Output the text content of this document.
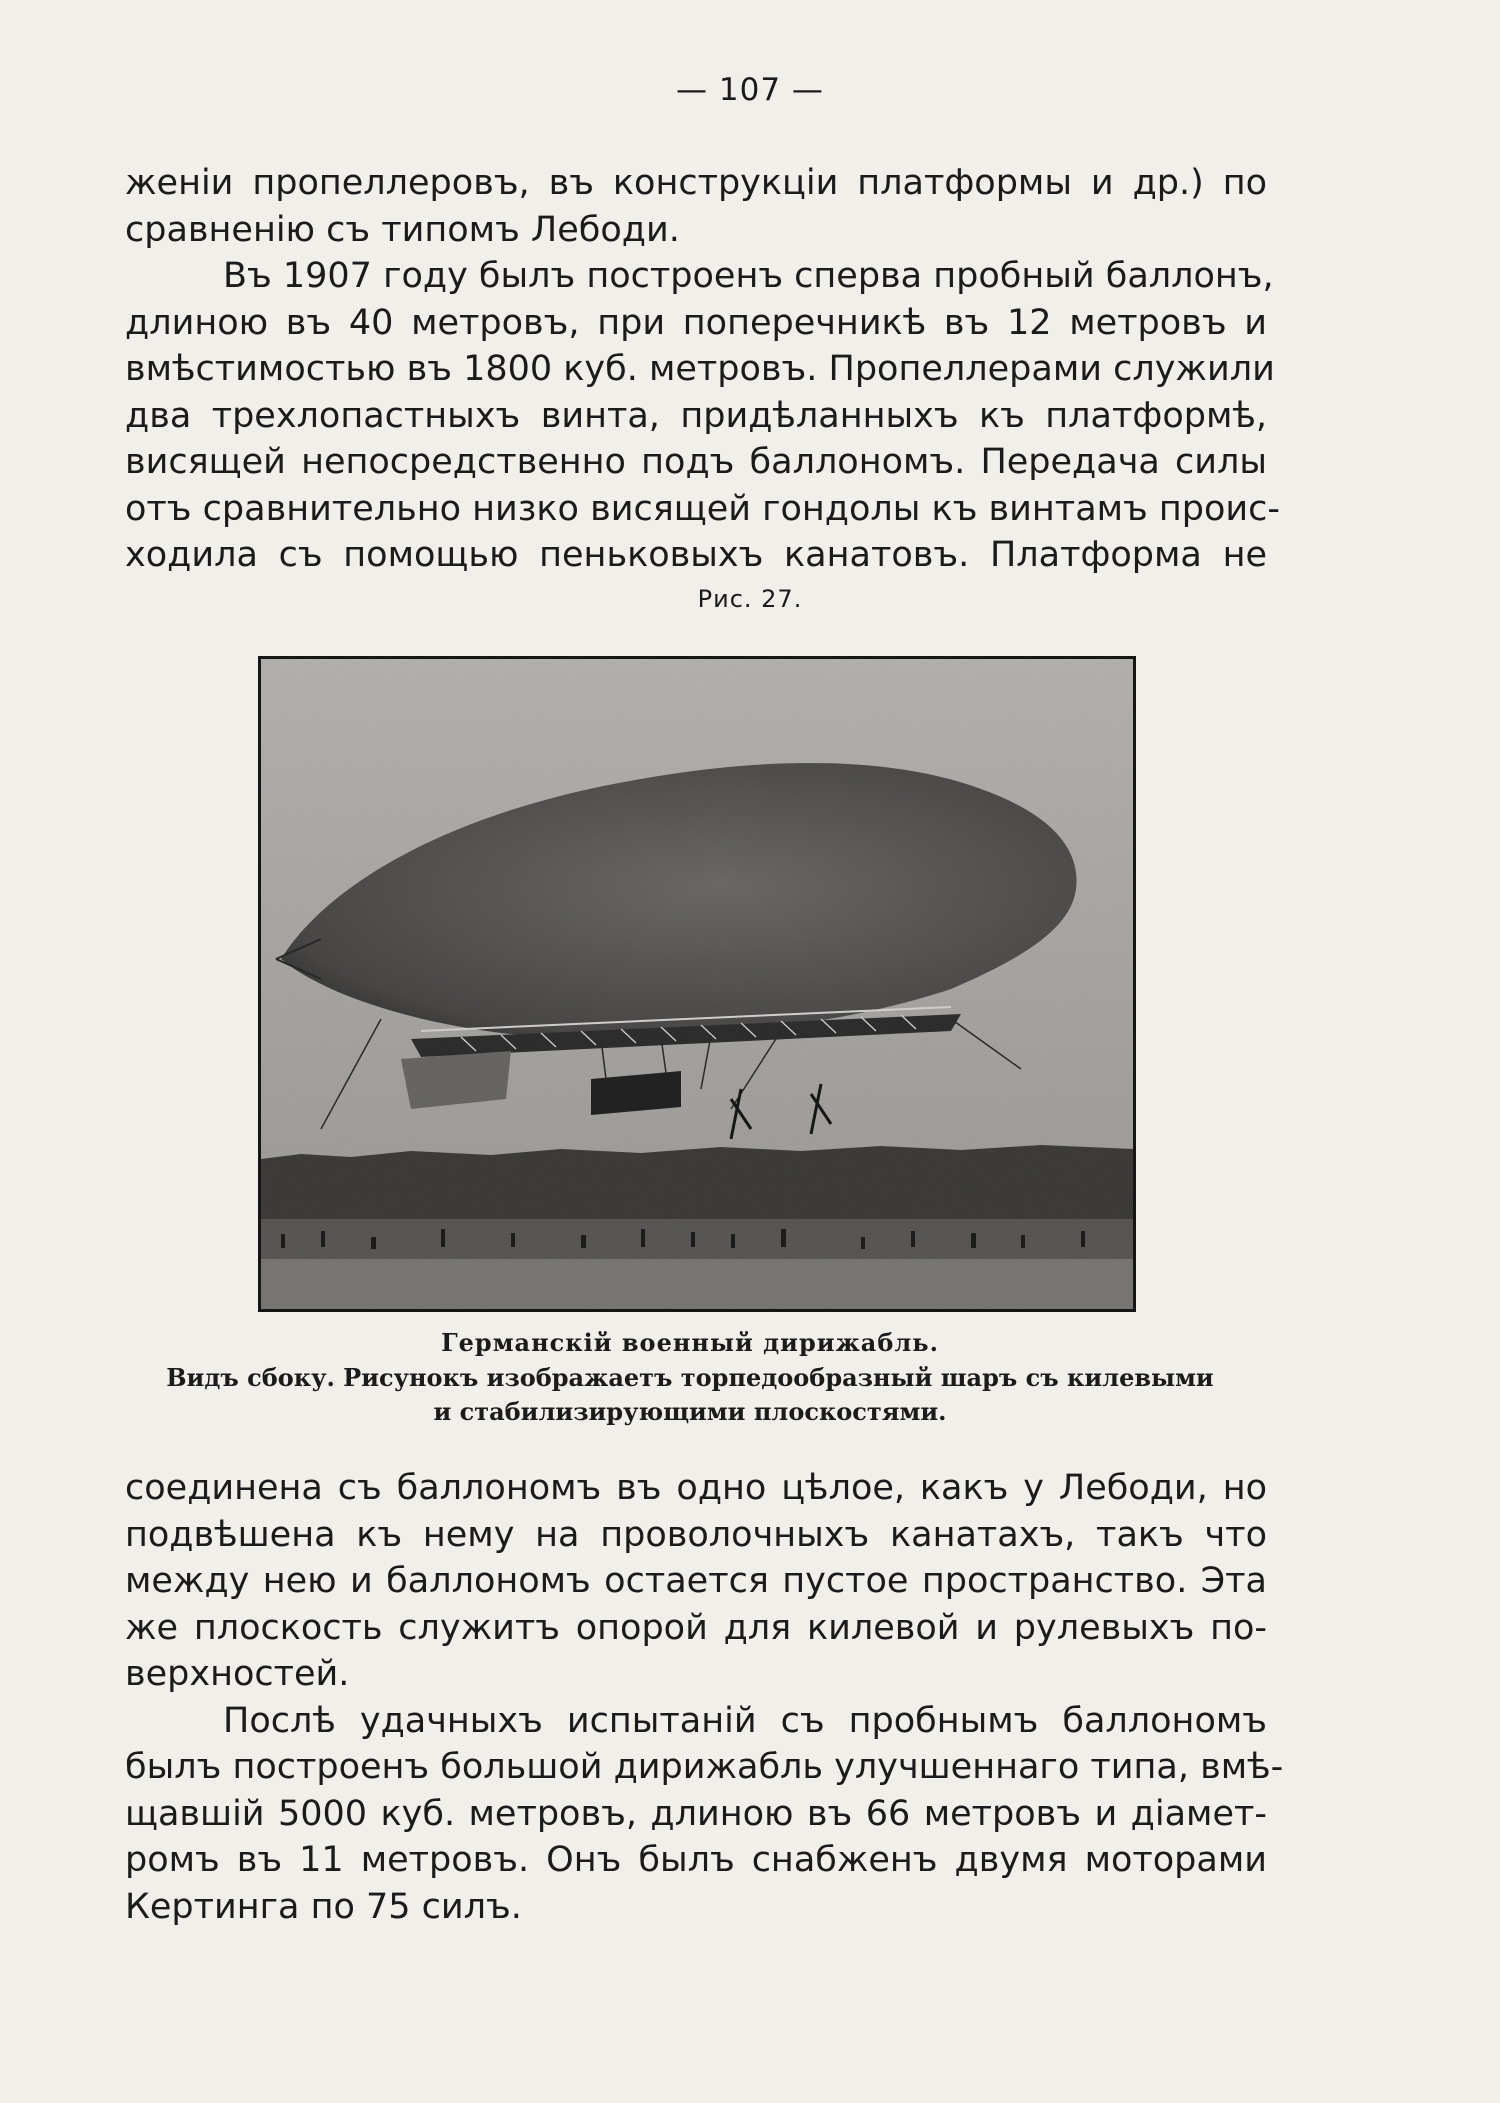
— 107 —
женіи пропеллеровъ, въ конструкціи платформы и др.) по
сравненію съ типомъ Лебоди.
Въ 1907 году былъ построенъ сперва пробный баллонъ,
длиною въ 40 метровъ, при поперечникѣ въ 12 метровъ и
вмѣстимостью въ 1800 куб. метровъ. Пропеллерами служили
два трехлопастныхъ винта, придѣланныхъ къ платформѣ,
висящей непосредственно подъ баллономъ. Передача силы
отъ сравнительно низко висящей гондолы къ винтамъ проис-
ходила съ помощью пеньковыхъ канатовъ. Платформа не
Рис. 27.
Германскій военный дирижабль.
Видъ сбоку. Рисунокъ изображаетъ торпедообразный шаръ съ килевыми
и стабилизирующими плоскостями.
соединена съ баллономъ въ одно цѣлое, какъ у Лебоди, но
подвѣшена къ нему на проволочныхъ канатахъ, такъ что
между нею и баллономъ остается пустое пространство. Эта
же плоскость служитъ опорой для килевой и рулевыхъ по-
верхностей.
Послѣ удачныхъ испытаній съ пробнымъ баллономъ
былъ построенъ большой дирижабль улучшеннаго типа, вмѣ-
щавшій 5000 куб. метровъ, длиною въ 66 метровъ и діамет-
ромъ въ 11 метровъ. Онъ былъ снабженъ двумя моторами
Кертинга по 75 силъ.
